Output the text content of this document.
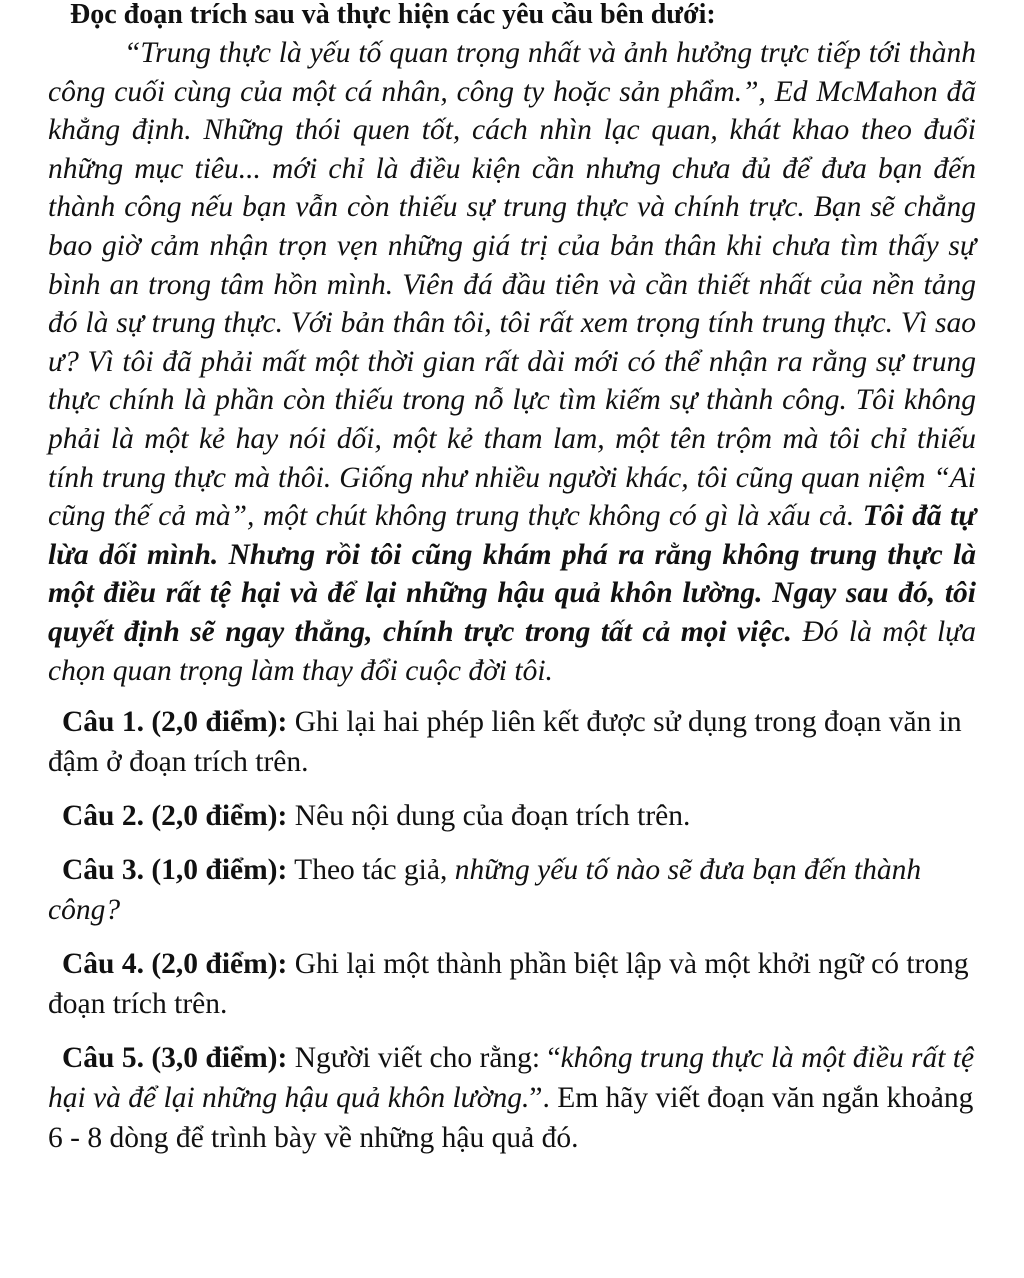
Đọc đoạn trích sau và thực hiện các yêu cầu bên dưới:
“Trung thực là yếu tố quan trọng nhất và ảnh hưởng trực tiếp tới thành công cuối cùng của một cá nhân, công ty hoặc sản phẩm.”, Ed McMahon đã khẳng định. Những thói quen tốt, cách nhìn lạc quan, khát khao theo đuổi những mục tiêu... mới chỉ là điều kiện cần nhưng chưa đủ để đưa bạn đến thành công nếu bạn vẫn còn thiếu sự trung thực và chính trực. Bạn sẽ chẳng bao giờ cảm nhận trọn vẹn những giá trị của bản thân khi chưa tìm thấy sự bình an trong tâm hồn mình. Viên đá đầu tiên và cần thiết nhất của nền tảng đó là sự trung thực. Với bản thân tôi, tôi rất xem trọng tính trung thực. Vì sao ư? Vì tôi đã phải mất một thời gian rất dài mới có thể nhận ra rằng sự trung thực chính là phần còn thiếu trong nỗ lực tìm kiếm sự thành công. Tôi không phải là một kẻ hay nói dối, một kẻ tham lam, một tên trộm mà tôi chỉ thiếu tính trung thực mà thôi. Giống như nhiều người khác, tôi cũng quan niệm “Ai cũng thế cả mà”, một chút không trung thực không có gì là xấu cả. Tôi đã tự lừa dối mình. Nhưng rồi tôi cũng khám phá ra rằng không trung thực là một điều rất tệ hại và để lại những hậu quả khôn lường. Ngay sau đó, tôi quyết định sẽ ngay thẳng, chính trực trong tất cả mọi việc. Đó là một lựa chọn quan trọng làm thay đổi cuộc đời tôi.
Câu 1. (2,0 điểm): Ghi lại hai phép liên kết được sử dụng trong đoạn văn in đậm ở đoạn trích trên.
Câu 2. (2,0 điểm): Nêu nội dung của đoạn trích trên.
Câu 3. (1,0 điểm): Theo tác giả, những yếu tố nào sẽ đưa bạn đến thành công?
Câu 4. (2,0 điểm): Ghi lại một thành phần biệt lập và một khởi ngữ có trong đoạn trích trên.
Câu 5. (3,0 điểm): Người viết cho rằng: “không trung thực là một điều rất tệ hại và để lại những hậu quả khôn lường.”. Em hãy viết đoạn văn ngắn khoảng 6 - 8 dòng để trình bày về những hậu quả đó.
